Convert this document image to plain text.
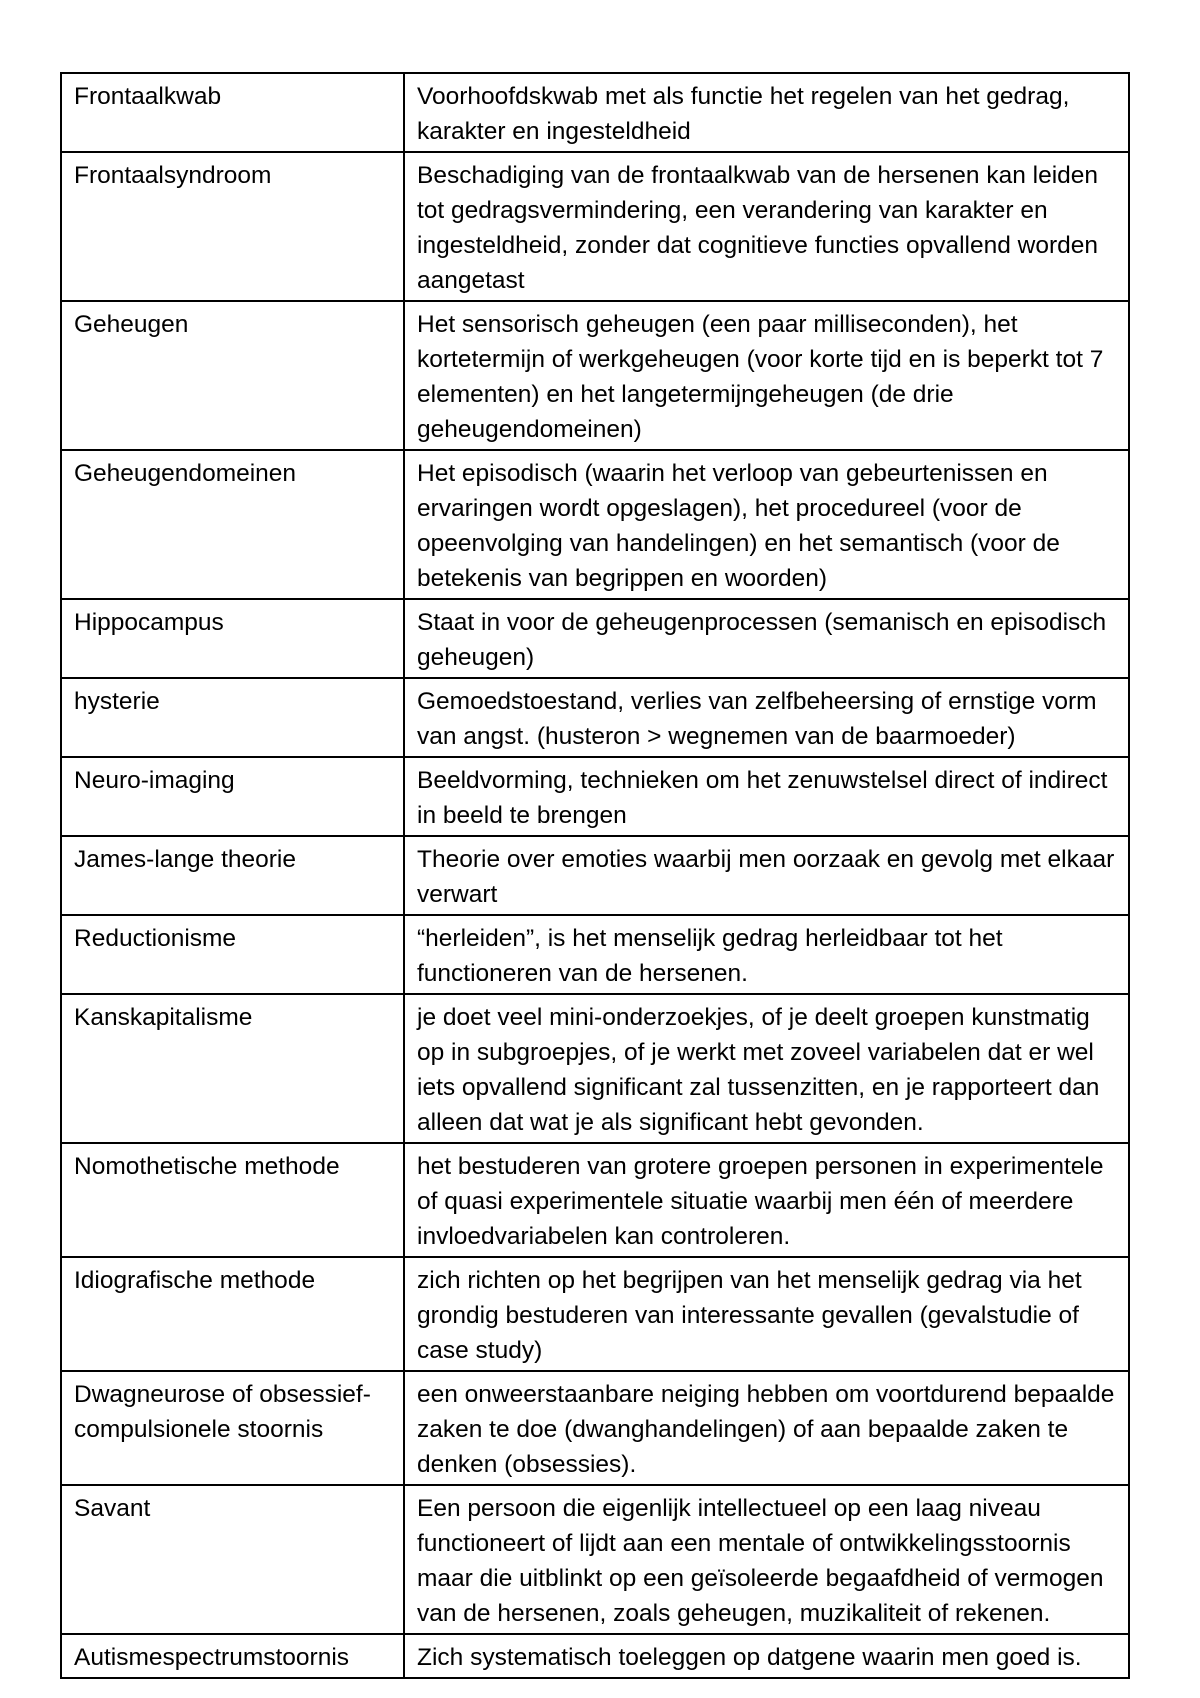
Frontaalkwab	Voorhoofdskwab met als functie het regelen van het gedrag, karakter en ingesteldheid
Frontaalsyndroom	Beschadiging van de frontaalkwab van de hersenen kan leiden tot gedragsvermindering, een verandering van karakter en ingesteldheid, zonder dat cognitieve functies opvallend worden aangetast
Geheugen	Het sensorisch geheugen (een paar milliseconden), het kortetermijn of werkgeheugen (voor korte tijd en is beperkt tot 7 elementen) en het langetermijngeheugen (de drie geheugendomeinen)
Geheugendomeinen	Het episodisch (waarin het verloop van gebeurtenissen en ervaringen wordt opgeslagen), het procedureel (voor de opeenvolging van handelingen) en het semantisch (voor de betekenis van begrippen en woorden)
Hippocampus	Staat in voor de geheugenprocessen (semanisch en episodisch geheugen)
hysterie	Gemoedstoestand, verlies van zelfbeheersing of ernstige vorm van angst. (husteron > wegnemen van de baarmoeder)
Neuro-imaging	Beeldvorming, technieken om het zenuwstelsel direct of indirect in beeld te brengen
James-lange theorie	Theorie over emoties waarbij men oorzaak en gevolg met elkaar verwart
Reductionisme	“herleiden”, is het menselijk gedrag herleidbaar tot het functioneren van de hersenen.
Kanskapitalisme	je doet veel mini-onderzoekjes, of je deelt groepen kunstmatig op in subgroepjes, of je werkt met zoveel variabelen dat er wel iets opvallend significant zal tussenzitten, en je rapporteert dan alleen dat wat je als significant hebt gevonden.
Nomothetische methode	het bestuderen van grotere groepen personen in experimentele of quasi experimentele situatie waarbij men één of meerdere invloedvariabelen kan controleren.
Idiografische methode	zich richten op het begrijpen van het menselijk gedrag via het grondig bestuderen van interessante gevallen (gevalstudie of case study)
Dwagneurose of obsessief-compulsionele stoornis	een onweerstaanbare neiging hebben om voortdurend bepaalde zaken te doe (dwanghandelingen) of aan bepaalde zaken te denken (obsessies).
Savant	Een persoon die eigenlijk intellectueel op een laag niveau functioneert of lijdt aan een mentale of ontwikkelingsstoornis maar die uitblinkt op een geïsoleerde begaafdheid of vermogen van de hersenen, zoals geheugen, muzikaliteit of rekenen.
Autismespectrumstoornis	Zich systematisch toeleggen op datgene waarin men goed is.
